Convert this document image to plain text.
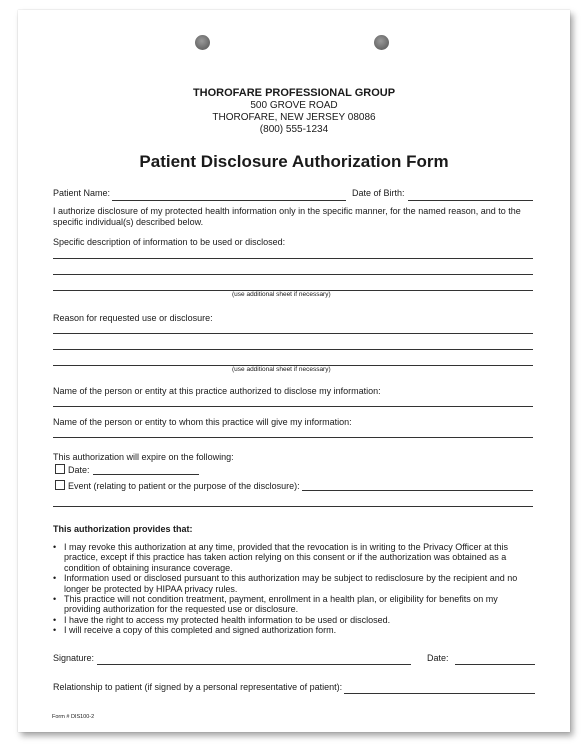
THOROFARE PROFESSIONAL GROUP
500 GROVE ROAD
THOROFARE, NEW JERSEY 08086
(800) 555-1234
Patient Disclosure Authorization Form
Patient Name:	Date of Birth:
I authorize disclosure of my protected health information only in the specific manner, for the named reason, and to the specific individual(s) described below.
Specific description of information to be used or disclosed:
(use additional sheet if necessary)
Reason for requested use or disclosure:
(use additional sheet if necessary)
Name of the person or entity at this practice authorized to disclose my information:
Name of the person or entity to whom this practice will give my information:
This authorization will expire on the following:
Date:
Event (relating to patient or the purpose of the disclosure):
This authorization provides that:
• I may revoke this authorization at any time, provided that the revocation is in writing to the Privacy Officer at this practice, except if this practice has taken action relying on this consent or if the authorization was obtained as a condition of obtaining insurance coverage.
• Information used or disclosed pursuant to this authorization may be subject to redisclosure by the recipient and no longer be protected by HIPAA privacy rules.
• This practice will not condition treatment, payment, enrollment in a health plan, or eligibility for benefits on my providing authorization for the requested use or disclosure.
• I have the right to access my protected health information to be used or disclosed.
• I will receive a copy of this completed and signed authorization form.
Signature:	Date:
Relationship to patient (if signed by a personal representative of patient):
Form # DIS100-2
